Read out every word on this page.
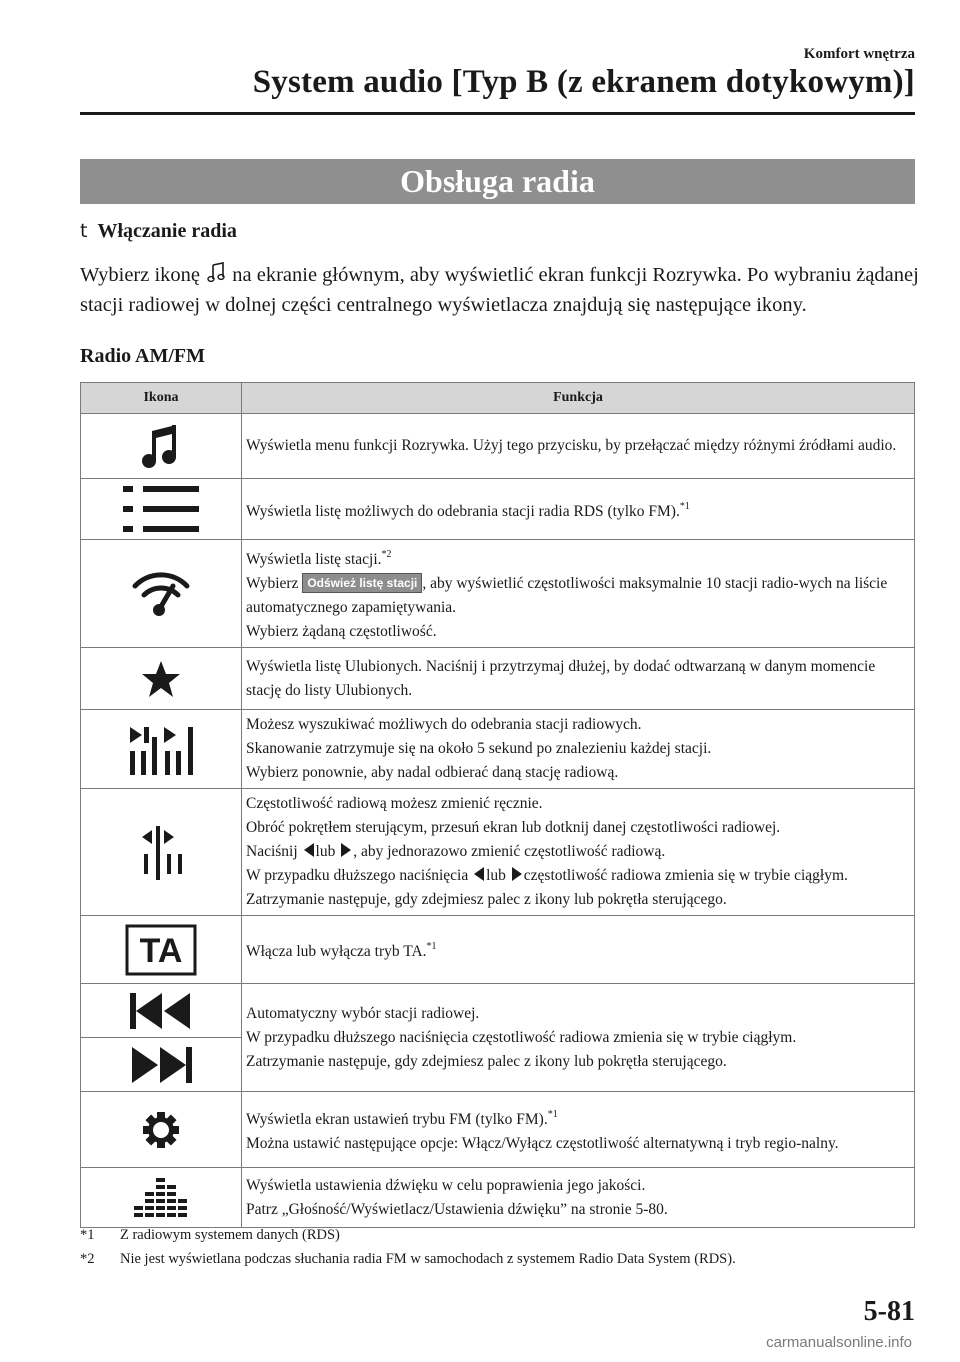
Komfort wnętrza
System audio [Typ B (z ekranem dotykowym)]
Obsługa radia
t Włączanie radia
Wybierz ikonę na ekranie głównym, aby wyświetlić ekran funkcji Rozrywka. Po wybraniu żądanej stacji radiowej w dolnej części centralnego wyświetlacza znajdują się następujące ikony.
Radio AM/FM
Ikona	Funkcja

	Wyświetla menu funkcji Rozrywka. Użyj tego przycisku, by przełączać między różnymi źródłami audio.

	Wyświetla listę możliwych do odebrania stacji radia RDS (tylko FM).$^{*1}$

	Wyświetla listę stacji.$^{*2}$
Wybierz Odśwież listę stacji , aby wyświetlić częstotliwości maksymalnie 10 stacji radio-wych na liście automatycznego zapamiętywania.
Wybierz żądaną częstotliwość.

	Wyświetla listę Ulubionych. Naciśnij i przytrzymaj dłużej, by dodać odtwarzaną w danym momencie stację do listy Ulubionych.

	Możesz wyszukiwać możliwych do odebrania stacji radiowych.
Skanowanie zatrzymuje się na około 5 sekund po znalezieniu każdej stacji.
Wybierz ponownie, aby nadal odbierać daną stację radiową.

	Częstotliwość radiową możesz zmienić ręcznie.
Obróć pokrętłem sterującym, przesuń ekran lub dotknij danej częstotliwości radiowej.
Naciśnij lub , aby jednorazowo zmienić częstotliwość radiową.
W przypadku dłuższego naciśnięcia lub częstotliwość radiowa zmienia się w trybie ciągłym. Zatrzymanie następuje, gdy zdejmiesz palec z ikony lub pokrętła sterującego.

TA	Włącza lub wyłącza tryb TA.$^{*1}$

	Automatyczny wybór stacji radiowej.
W przypadku dłuższego naciśnięcia częstotliwość radiowa zmienia się w trybie ciągłym.
Zatrzymanie następuje, gdy zdejmiesz palec z ikony lub pokrętła sterującego.

	Wyświetla ekran ustawień trybu FM (tylko FM).$^{*1}$
Można ustawić następujące opcje: Włącz/Wyłącz częstotliwość alternatywną i tryb regio-nalny.

	Wyświetla ustawienia dźwięku w celu poprawienia jego jakości.
Patrz „Głośność/Wyświetlacz/Ustawienia dźwięku” na stronie 5-80.
*1 Z radiowym systemem danych (RDS)
*2 Nie jest wyświetlana podczas słuchania radia FM w samochodach z systemem Radio Data System (RDS).
5-81
carmanualsonline.info
